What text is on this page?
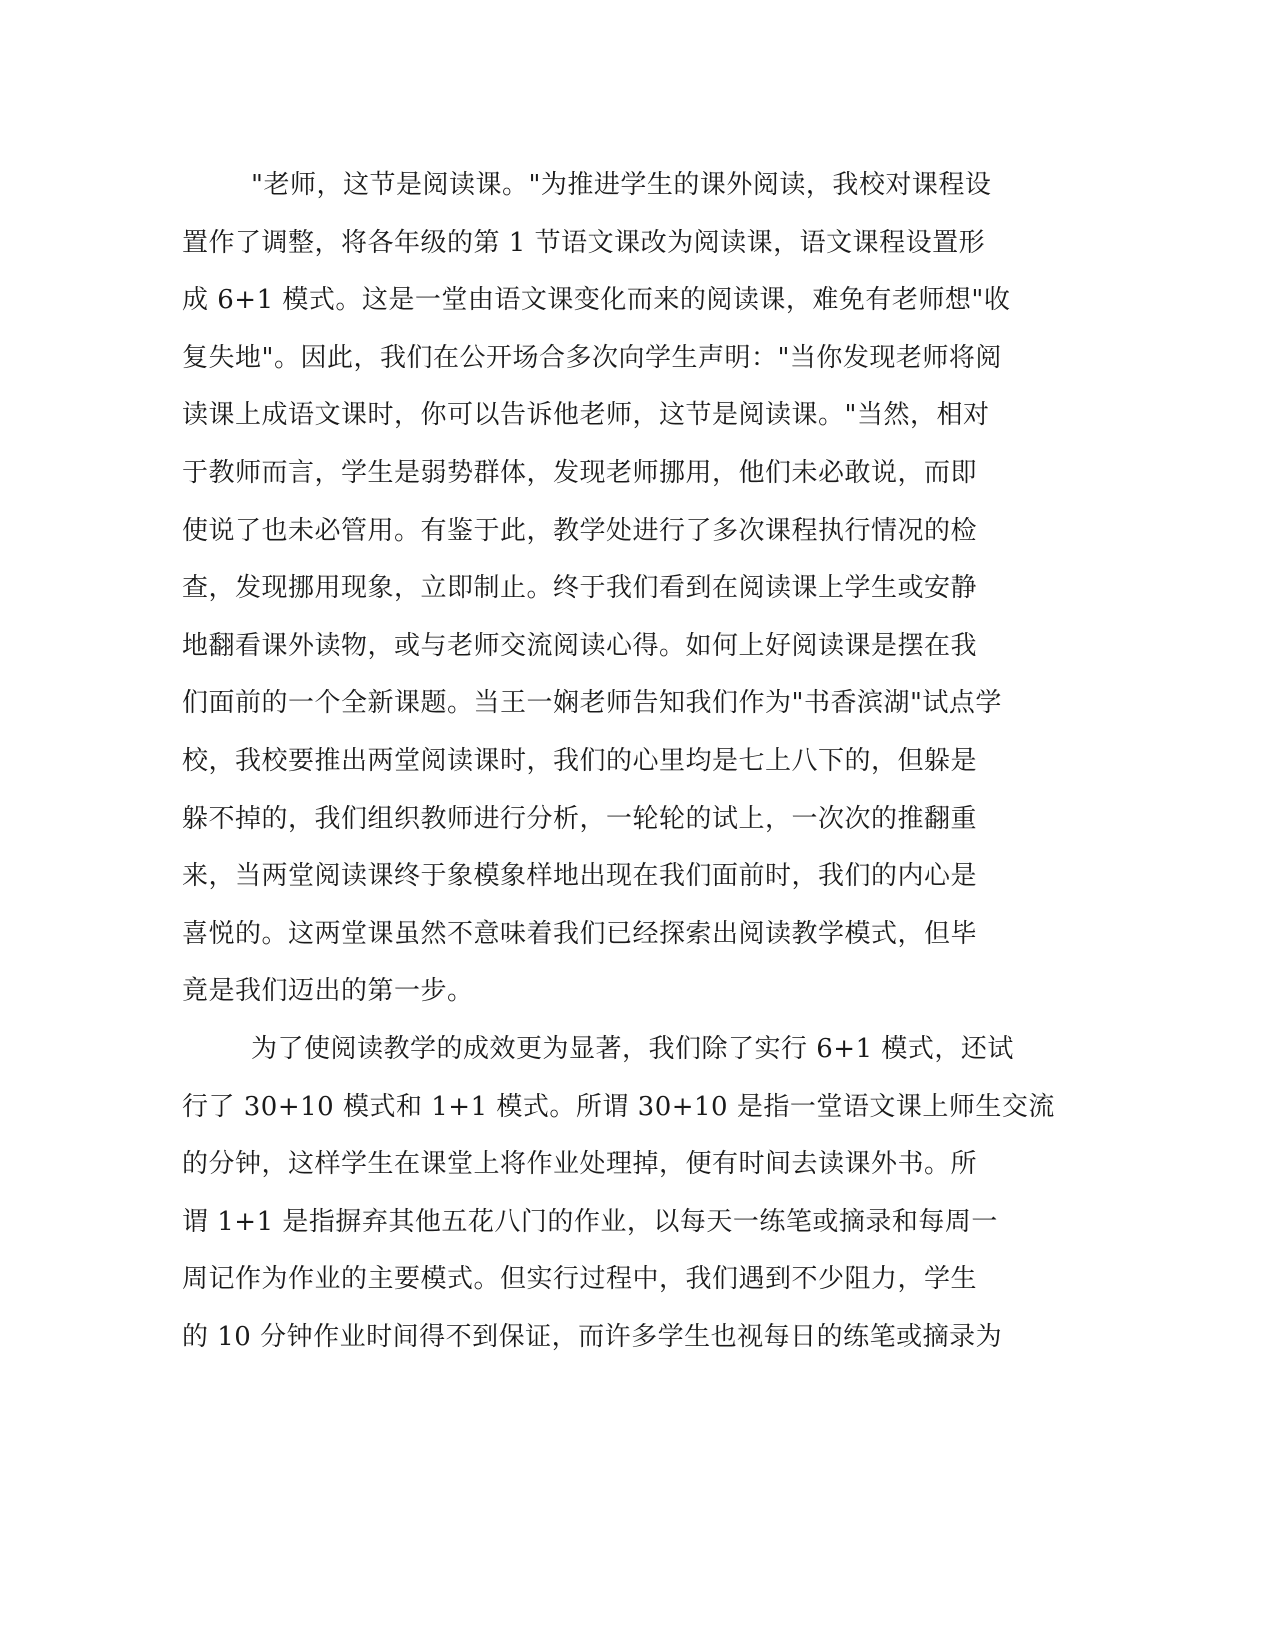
"老师，这节是阅读课。"为推进学生的课外阅读，我校对课程设
置作了调整，将各年级的第 1 节语文课改为阅读课，语文课程设置形
成 6+1 模式。这是一堂由语文课变化而来的阅读课，难免有老师想"收
复失地"。因此，我们在公开场合多次向学生声明："当你发现老师将阅
读课上成语文课时，你可以告诉他老师，这节是阅读课。"当然，相对
于教师而言，学生是弱势群体，发现老师挪用，他们未必敢说，而即
使说了也未必管用。有鉴于此，教学处进行了多次课程执行情况的检
查，发现挪用现象，立即制止。终于我们看到在阅读课上学生或安静
地翻看课外读物，或与老师交流阅读心得。如何上好阅读课是摆在我
们面前的一个全新课题。当王一娴老师告知我们作为"书香滨湖"试点学
校，我校要推出两堂阅读课时，我们的心里均是七上八下的，但躲是
躲不掉的，我们组织教师进行分析，一轮轮的试上，一次次的推翻重
来，当两堂阅读课终于象模象样地出现在我们面前时，我们的内心是
喜悦的。这两堂课虽然不意味着我们已经探索出阅读教学模式，但毕
竟是我们迈出的第一步。
为了使阅读教学的成效更为显著，我们除了实行 6+1 模式，还试
行了 30+10 模式和 1+1 模式。所谓 30+10 是指一堂语文课上师生交流
的分钟，这样学生在课堂上将作业处理掉，便有时间去读课外书。所
谓 1+1 是指摒弃其他五花八门的作业，以每天一练笔或摘录和每周一
周记作为作业的主要模式。但实行过程中，我们遇到不少阻力，学生
的 10 分钟作业时间得不到保证，而许多学生也视每日的练笔或摘录为
